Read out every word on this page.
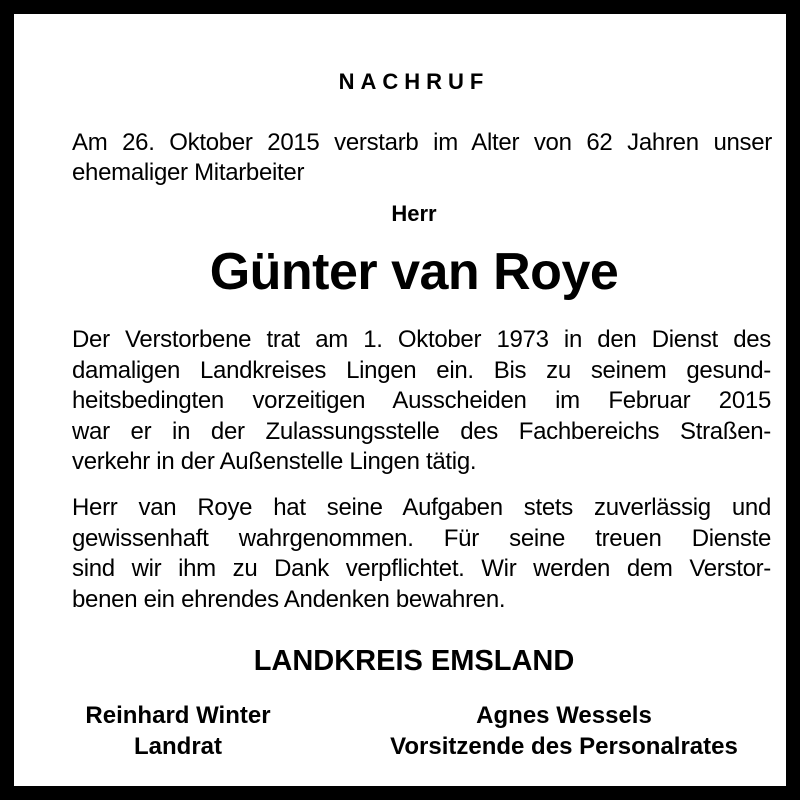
NACHRUF
Am 26. Oktober 2015 verstarb im Alter von 62 Jahren unser
ehemaliger Mitarbeiter
Herr
Günter van Roye
Der Verstorbene trat am 1. Oktober 1973 in den Dienst des
damaligen Landkreises Lingen ein. Bis zu seinem gesund-
heitsbedingten vorzeitigen Ausscheiden im Februar 2015
war er in der Zulassungsstelle des Fachbereichs Straßen-
verkehr in der Außenstelle Lingen tätig.
Herr van Roye hat seine Aufgaben stets zuverlässig und
gewissenhaft wahrgenommen. Für seine treuen Dienste
sind wir ihm zu Dank verpflichtet. Wir werden dem Verstor-
benen ein ehrendes Andenken bewahren.
LANDKREIS EMSLAND
Reinhard Winter
Landrat
Agnes Wessels
Vorsitzende des Personalrates
